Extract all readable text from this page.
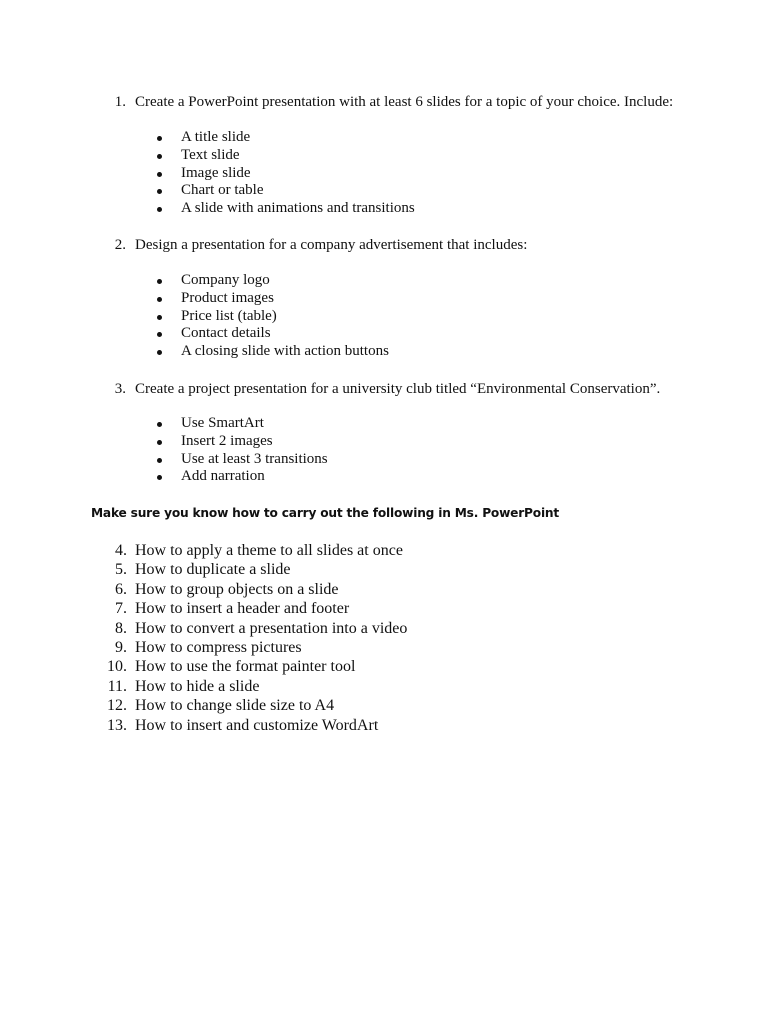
1. Create a PowerPoint presentation with at least 6 slides for a topic of your choice. Include:
A title slide
Text slide
Image slide
Chart or table
A slide with animations and transitions
2. Design a presentation for a company advertisement that includes:
Company logo
Product images
Price list (table)
Contact details
A closing slide with action buttons
3. Create a project presentation for a university club titled “Environmental Conservation”.
Use SmartArt
Insert 2 images
Use at least 3 transitions
Add narration
Make sure you know how to carry out the following in Ms. PowerPoint
4. How to apply a theme to all slides at once
5. How to duplicate a slide
6. How to group objects on a slide
7. How to insert a header and footer
8. How to convert a presentation into a video
9. How to compress pictures
10. How to use the format painter tool
11. How to hide a slide
12. How to change slide size to A4
13. How to insert and customize WordArt
